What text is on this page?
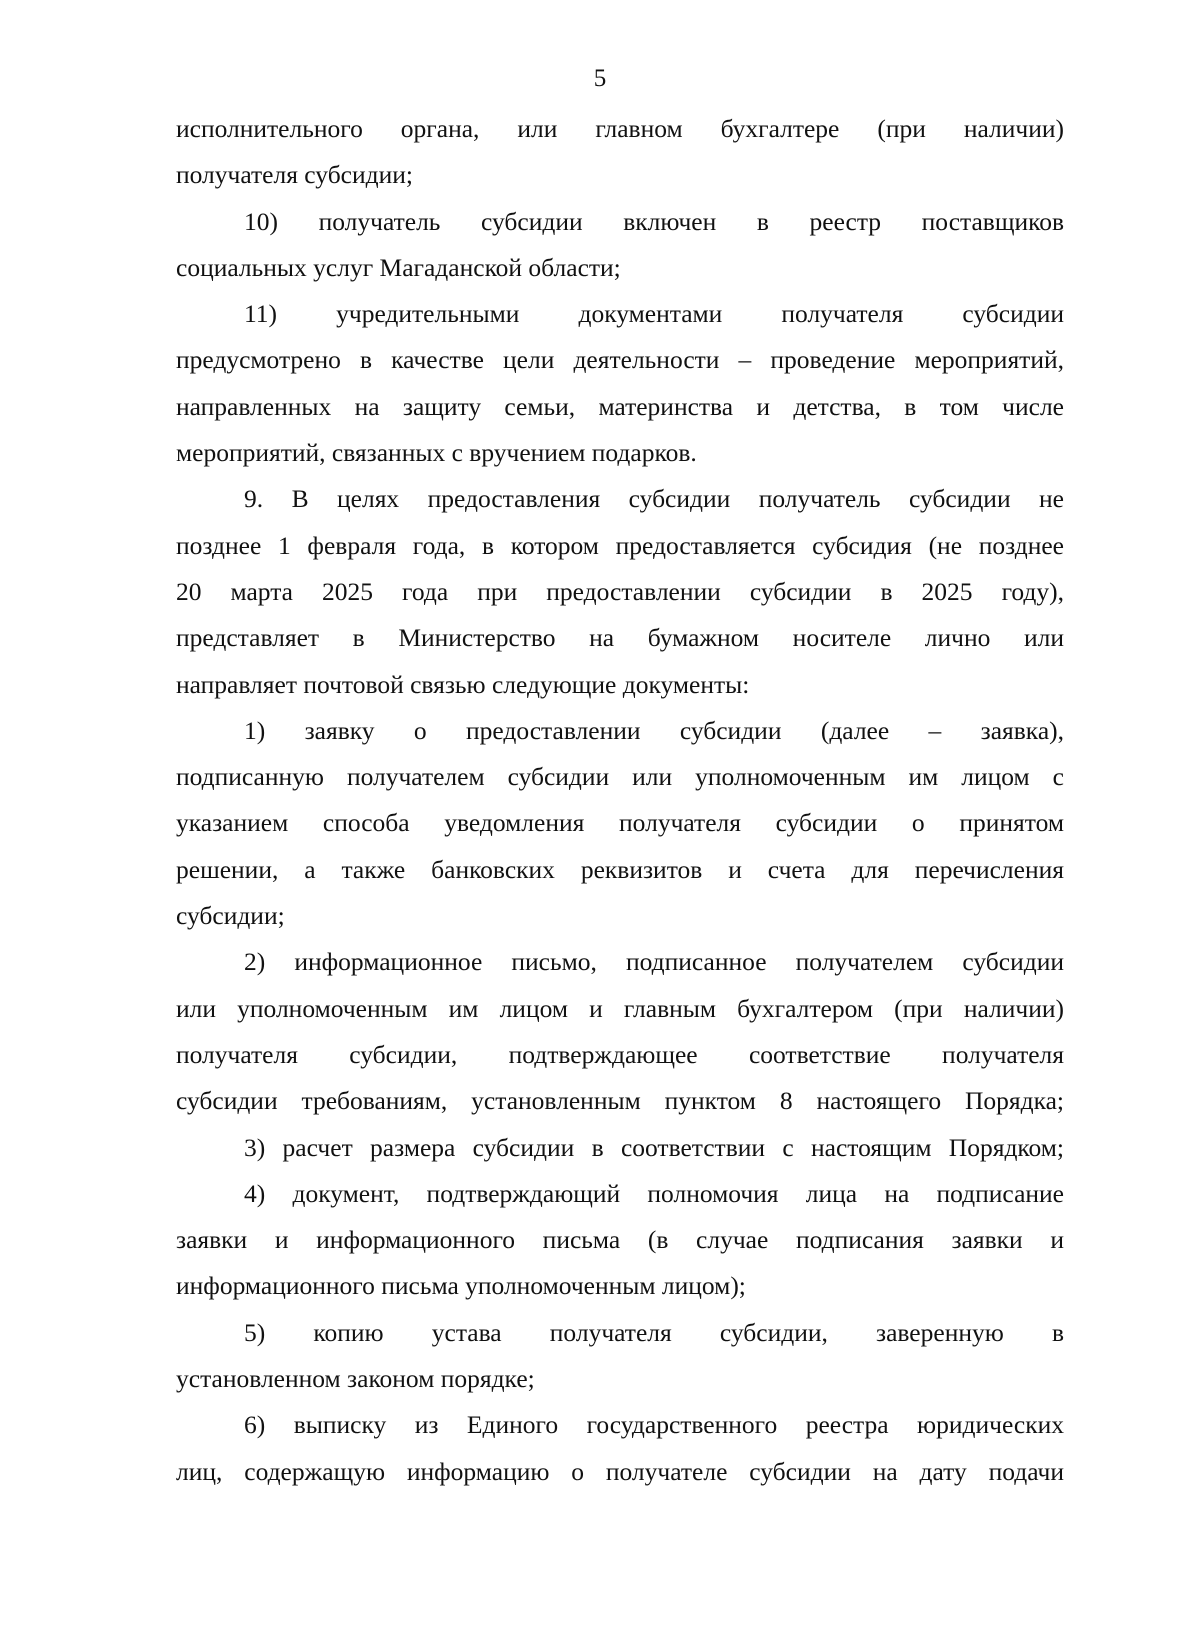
5
исполнительного органа, или главном бухгалтере (при наличии)
получателя субсидии;
10) получатель субсидии включен в реестр поставщиков
социальных услуг Магаданской области;
11) учредительными документами получателя субсидии
предусмотрено в качестве цели деятельности – проведение мероприятий,
направленных на защиту семьи, материнства и детства, в том числе
мероприятий, связанных с вручением подарков.
9. В целях предоставления субсидии получатель субсидии не
позднее 1 февраля года, в котором предоставляется субсидия (не позднее
20 марта 2025 года при предоставлении субсидии в 2025 году),
представляет в Министерство на бумажном носителе лично или
направляет почтовой связью следующие документы:
1) заявку о предоставлении субсидии (далее – заявка),
подписанную получателем субсидии или уполномоченным им лицом с
указанием способа уведомления получателя субсидии о принятом
решении, а также банковских реквизитов и счета для перечисления
субсидии;
2) информационное письмо, подписанное получателем субсидии
или уполномоченным им лицом и главным бухгалтером (при наличии)
получателя субсидии, подтверждающее соответствие получателя
субсидии требованиям, установленным пунктом 8 настоящего Порядка;
3) расчет размера субсидии в соответствии с настоящим Порядком;
4) документ, подтверждающий полномочия лица на подписание
заявки и информационного письма (в случае подписания заявки и
информационного письма уполномоченным лицом);
5) копию устава получателя субсидии, заверенную в
установленном законом порядке;
6) выписку из Единого государственного реестра юридических
лиц, содержащую информацию о получателе субсидии на дату подачи
